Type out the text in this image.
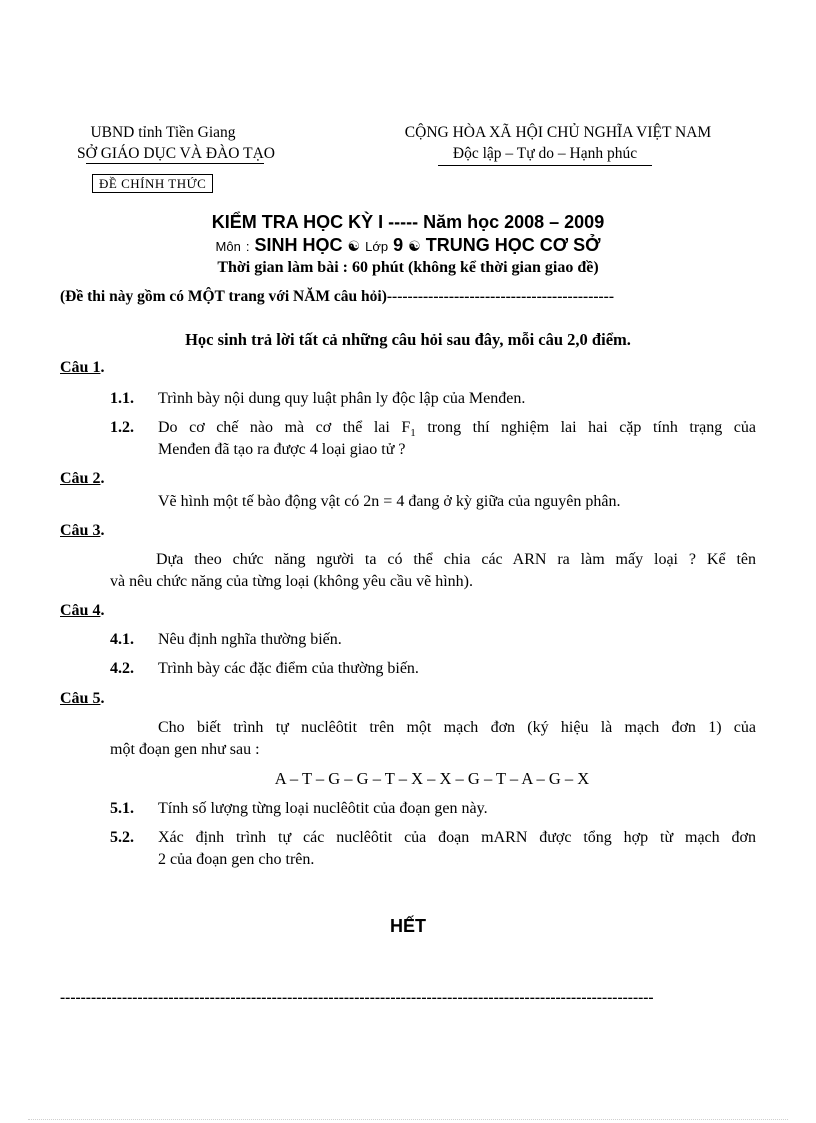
UBND tỉnh Tiền Giang
SỞ GIÁO DỤC VÀ ĐÀO TẠO
CỘNG HÒA XÃ HỘI CHỦ NGHĨA VIỆT NAM
Độc lập – Tự do – Hạnh phúc
ĐỀ CHÍNH THỨC
KIỂM TRA HỌC KỲ I ----- Năm học 2008 – 2009
Môn : SINH HỌC ☯ Lớp 9 ☯ TRUNG HỌC CƠ SỞ
Thời gian làm bài : 60 phút (không kể thời gian giao đề)
(Đề thi này gồm có MỘT trang với NĂM câu hỏi)--------------------------------------------
Học sinh trả lời tất cả những câu hỏi sau đây, mỗi câu 2,0 điểm.
Câu 1.
1.1. Trình bày nội dung quy luật phân ly độc lập của Menđen.
1.2. Do cơ chế nào mà cơ thể lai $F_1$ trong thí nghiệm lai hai cặp tính trạng của
Menđen đã tạo ra được 4 loại giao tử ?
Câu 2.
Vẽ hình một tế bào động vật có 2n = 4 đang ở kỳ giữa của nguyên phân.
Câu 3.
Dựa theo chức năng người ta có thể chia các ARN ra làm mấy loại ? Kể tên
và nêu chức năng của từng loại (không yêu cầu vẽ hình).
Câu 4.
4.1. Nêu định nghĩa thường biến.
4.2. Trình bày các đặc điểm của thường biến.
Câu 5.
Cho biết trình tự nuclêôtit trên một mạch đơn (ký hiệu là mạch đơn 1) của
một đoạn gen như sau :
A – T – G – G – T – X – X – G – T – A – G – X
5.1. Tính số lượng từng loại nuclêôtit của đoạn gen này.
5.2. Xác định trình tự các nuclêôtit của đoạn mARN được tổng hợp từ mạch đơn
2 của đoạn gen cho trên.
HẾT
-------------------------------------------------------------------------------------------------------------------
